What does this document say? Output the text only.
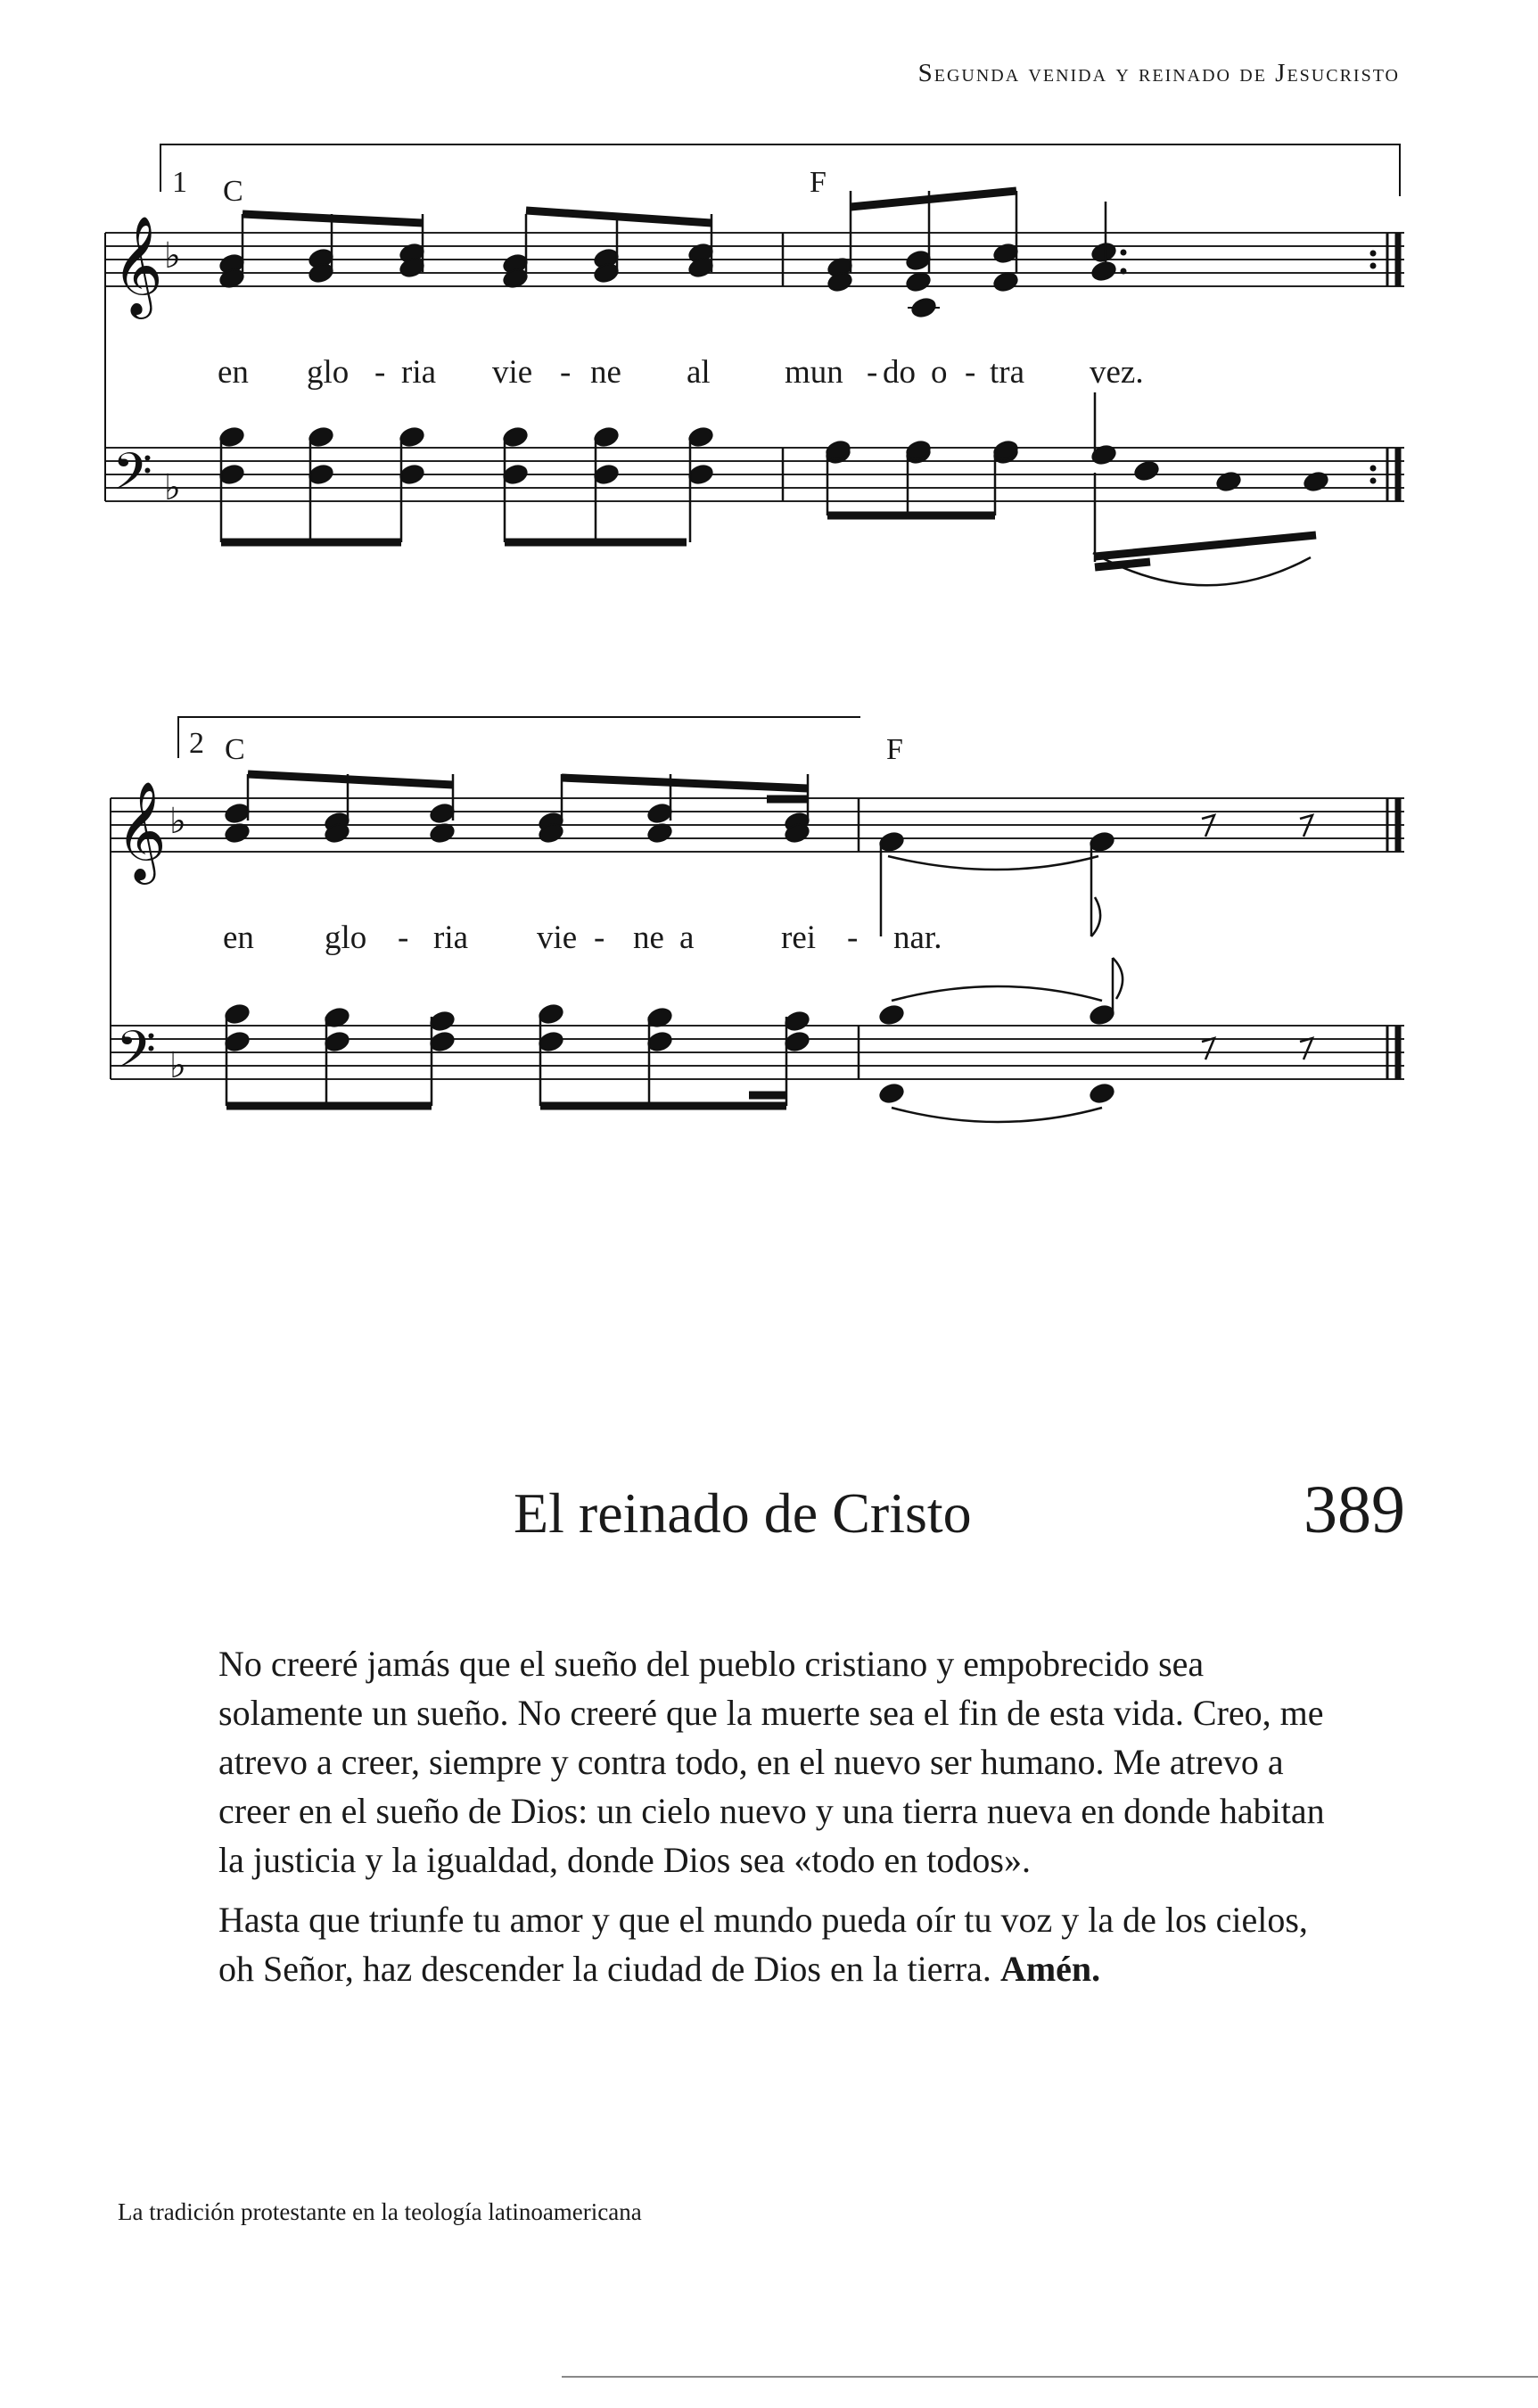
Segunda venida y reinado de Jesucristo
𝄞
𝄢
♭
♭
𝄞
𝄢
♭
♭
1 C	F
en glo - ria vie - ne al mun - do o - tra vez.
2 C	F
en glo - ria vie - ne a	rei - nar.
El reinado de Cristo	389

No creeré jamás que el sueño del pueblo cristiano y empobrecido sea solamente un sueño. No creeré que la muerte sea el fin de esta vida. Creo, me atrevo a creer, siempre y contra todo, en el nuevo ser humano. Me atrevo a creer en el sueño de Dios: un cielo nuevo y una tierra nueva en donde habitan la justicia y la igualdad, donde Dios sea «todo en todos».

Hasta que triunfe tu amor y que el mundo pueda oír tu voz y la de los cielos, oh Señor, haz descender la ciudad de Dios en la tierra. Amén.

La tradición protestante en la teología latinoamericana
